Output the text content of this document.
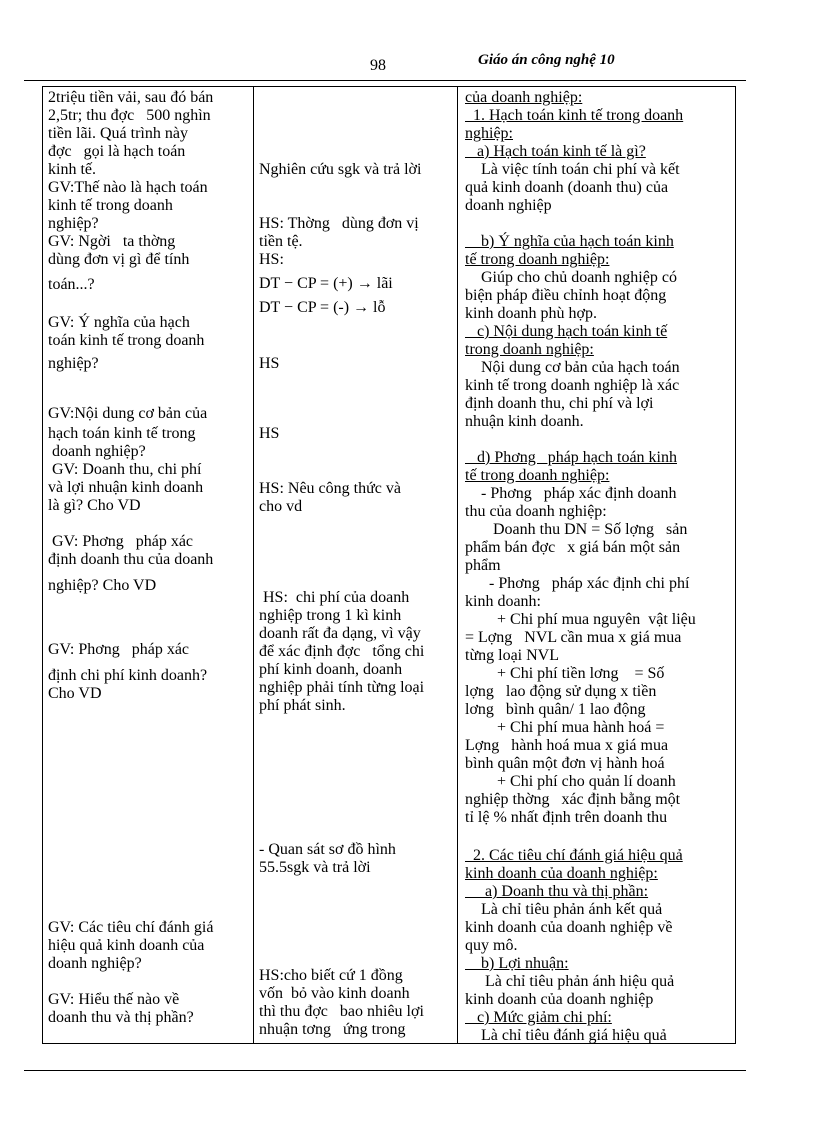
98	Giáo án công nghệ 10
2triệu tiền vải, sau đó bán
2,5tr; thu đợc   500 nghìn
tiền lãi. Quá trình này
đợc   gọi là hạch toán
kinh tế.
GV:Thế nào là hạch toán
kinh tế trong doanh
nghiệp?
GV: Ngời   ta thờng
dùng đơn vị gì để tính
toán...?
GV: Ý nghĩa của hạch
toán kinh tế trong doanh
nghiệp?
GV:Nội dung cơ bản của
hạch toán kinh tế trong
doanh nghiệp?
GV: Doanh thu, chi phí
và lợi nhuận kinh doanh
là gì? Cho VD
GV: Phơng   pháp xác
định doanh thu của doanh
nghiệp? Cho VD
GV: Phơng   pháp xác
định chi phí kinh doanh?
Cho VD
GV: Các tiêu chí đánh giá
hiệu quả kinh doanh của
doanh nghiệp?
GV: Hiểu thế nào về
doanh thu và thị phần?
Nghiên cứu sgk và trả lời
HS: Thờng   dùng đơn vị
tiền tệ.
HS:
DT − CP = (+) → lãi
DT − CP = (-) → lỗ
HS
HS
HS: Nêu công thức và
cho vd
HS:  chi phí của doanh
nghiệp trong 1 kì kinh
doanh rất đa dạng, vì vậy
để xác định đợc   tổng chi
phí kinh doanh, doanh
nghiệp phải tính từng loại
phí phát sinh.
- Quan sát sơ đồ hình
55.5sgk và trả lời
HS:cho biết cứ 1 đồng
vốn  bỏ vào kinh doanh
thì thu đợc   bao nhiêu lợi
nhuận tơng   ứng trong
của doanh nghiệp:
1. Hạch toán kinh tế trong doanh
nghiệp:
a) Hạch toán kinh tế là gì?
Là việc tính toán chi phí và kết
quả kinh doanh (doanh thu) của
doanh nghiệp
b) Ý nghĩa của hạch toán kinh
tế trong doanh nghiệp:
Giúp cho chủ doanh nghiệp có
biện pháp điều chỉnh hoạt động
kinh doanh phù hợp.
c) Nội dung hạch toán kinh tế
trong doanh nghiệp:
Nội dung cơ bản của hạch toán
kinh tế trong doanh nghiệp là xác
định doanh thu, chi phí và lợi
nhuận kinh doanh.
d) Phơng   pháp hạch toán kinh
tế trong doanh nghiệp:
- Phơng   pháp xác định doanh
thu của doanh nghiệp:
Doanh thu DN = Số lợng   sản
phẩm bán đợc   x giá bán một sản
phẩm
- Phơng   pháp xác định chi phí
kinh doanh:
+ Chi phí mua nguyên  vật liệu
= Lợng   NVL cần mua x giá mua
từng loại NVL
+ Chi phí tiền lơng    = Số
lợng   lao động sử dụng x tiền
lơng   bình quân/ 1 lao động
+ Chi phí mua hành hoá =
Lợng   hành hoá mua x giá mua
bình quân một đơn vị hành hoá
+ Chi phí cho quản lí doanh
nghiệp thờng   xác định bằng một
tỉ lệ % nhất định trên doanh thu
2. Các tiêu chí đánh giá hiệu quả
kinh doanh của doanh nghiệp:
a) Doanh thu và thị phần:
Là chỉ tiêu phản ánh kết quả
kinh doanh của doanh nghiệp về
quy mô.
b) Lợi nhuận:
Là chỉ tiêu phản ánh hiệu quả
kinh doanh của doanh nghiệp
c) Mức giảm chi phí:
Là chỉ tiêu đánh giá hiệu quả
